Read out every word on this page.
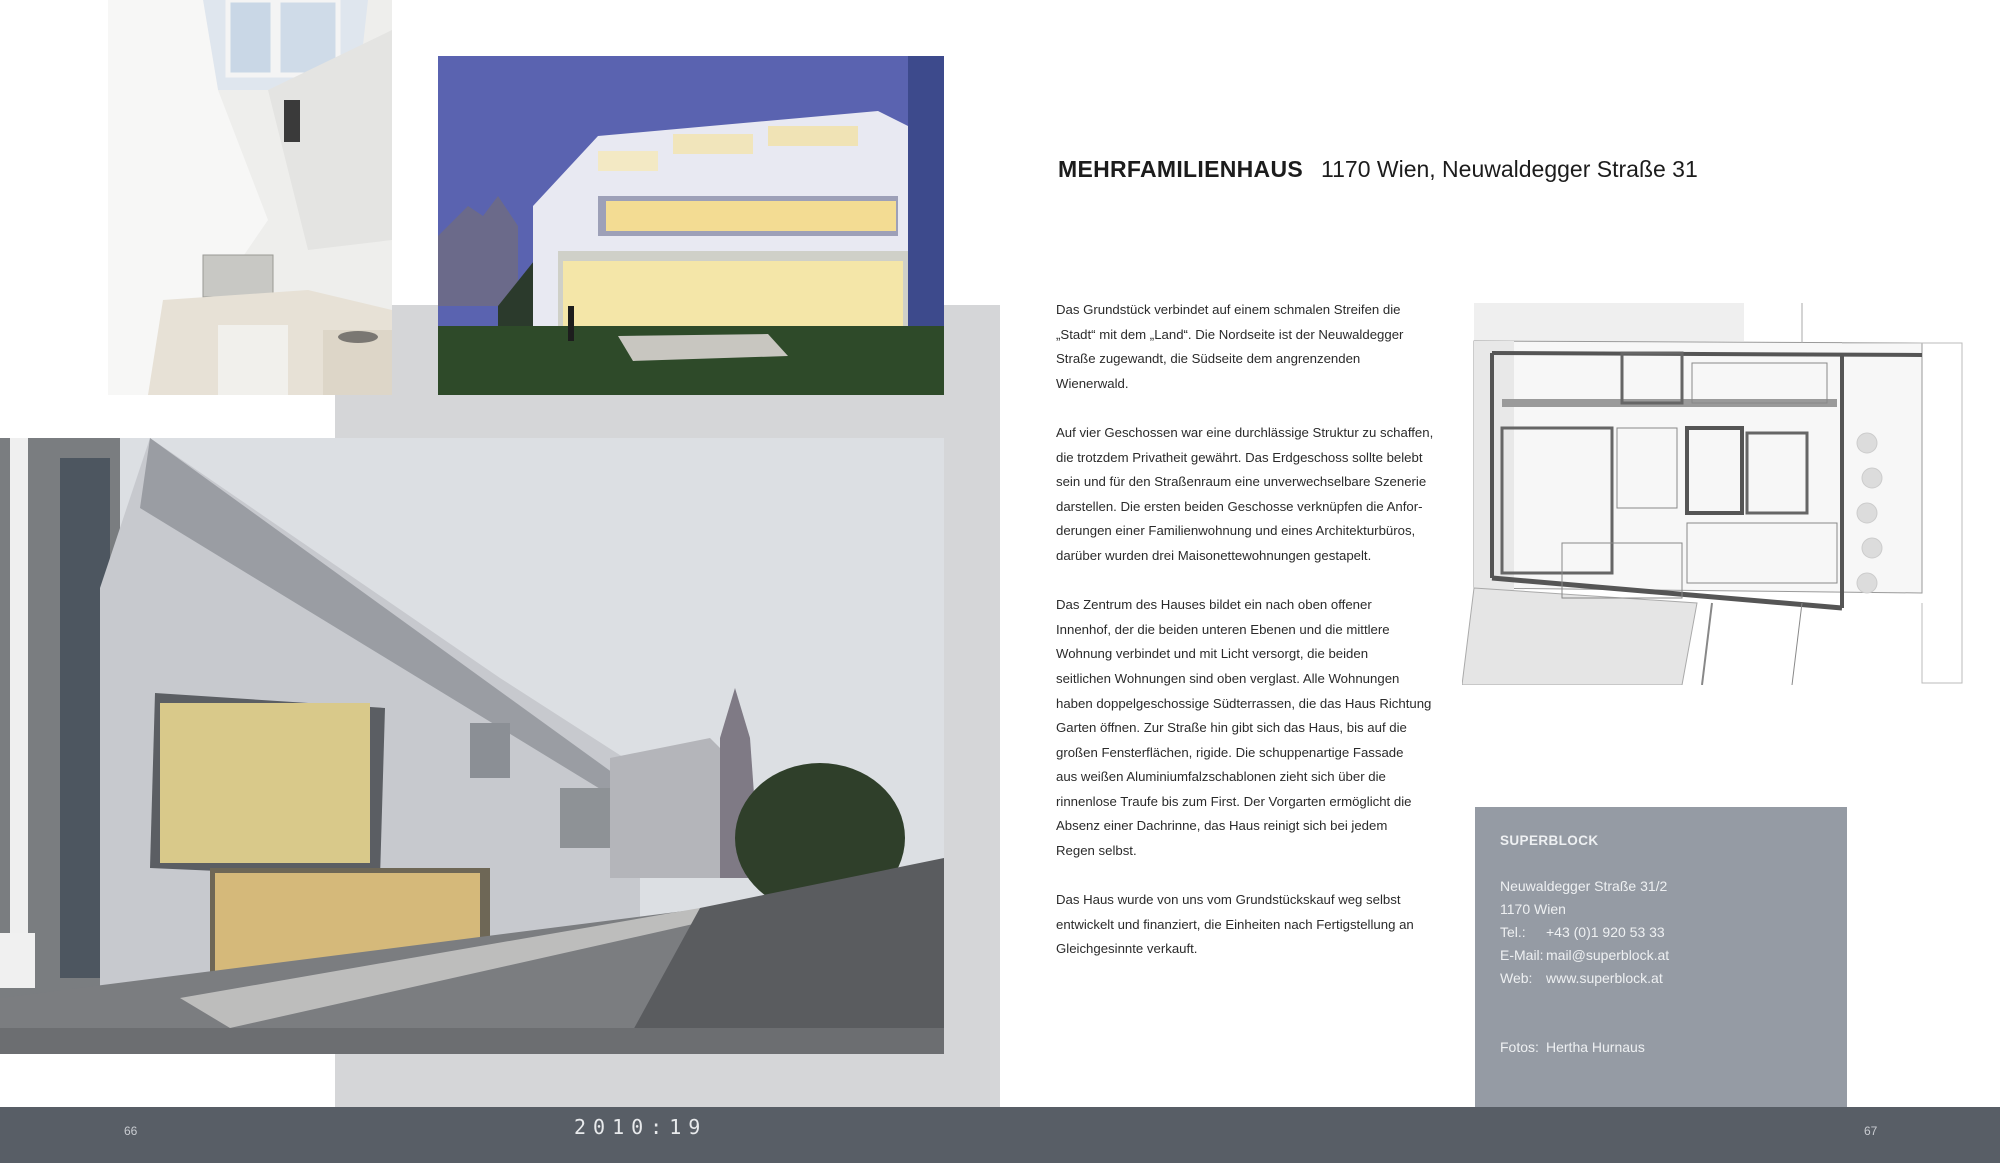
MEHRFAMILIENHAUS 1170 Wien, Neuwaldegger Straße 31

Das Grundstück verbindet auf einem schmalen Streifen die
„Stadt“ mit dem „Land“. Die Nordseite ist der Neuwaldegger
Straße zugewandt, die Südseite dem angrenzenden Wienerwald.

Auf vier Geschossen war eine durchlässige Struktur zu schaffen,
die trotzdem Privatheit gewährt. Das Erdgeschoss sollte belebt
sein und für den Straßenraum eine unverwechselbare Szenerie
darstellen. Die ersten beiden Geschosse verknüpfen die Anfor-
derungen einer Familienwohnung und eines Architekturbüros,
darüber wurden drei Maisonettewohnungen gestapelt.

Das Zentrum des Hauses bildet ein nach oben offener
Innenhof, der die beiden unteren Ebenen und die mittlere
Wohnung verbindet und mit Licht versorgt, die beiden
seitlichen Wohnungen sind oben verglast. Alle Wohnungen
haben doppelgeschossige Südterrassen, die das Haus Richtung
Garten öffnen. Zur Straße hin gibt sich das Haus, bis auf die
großen Fensterflächen, rigide. Die schuppenartige Fassade
aus weißen Aluminiumfalzschablonen zieht sich über die
rinnenlose Traufe bis zum First. Der Vorgarten ermöglicht die
Absenz einer Dachrinne, das Haus reinigt sich bei jedem
Regen selbst.

Das Haus wurde von uns vom Grundstückskauf weg selbst
entwickelt und finanziert, die Einheiten nach Fertigstellung an
Gleichgesinnte verkauft.

SUPERBLOCK
Neuwaldegger Straße 31/2
1170 Wien
Tel.: +43 (0)1 920 53 33
E-Mail: mail@superblock.at
Web: www.superblock.at
Fotos: Hertha Hurnaus
66	2010:19	67
